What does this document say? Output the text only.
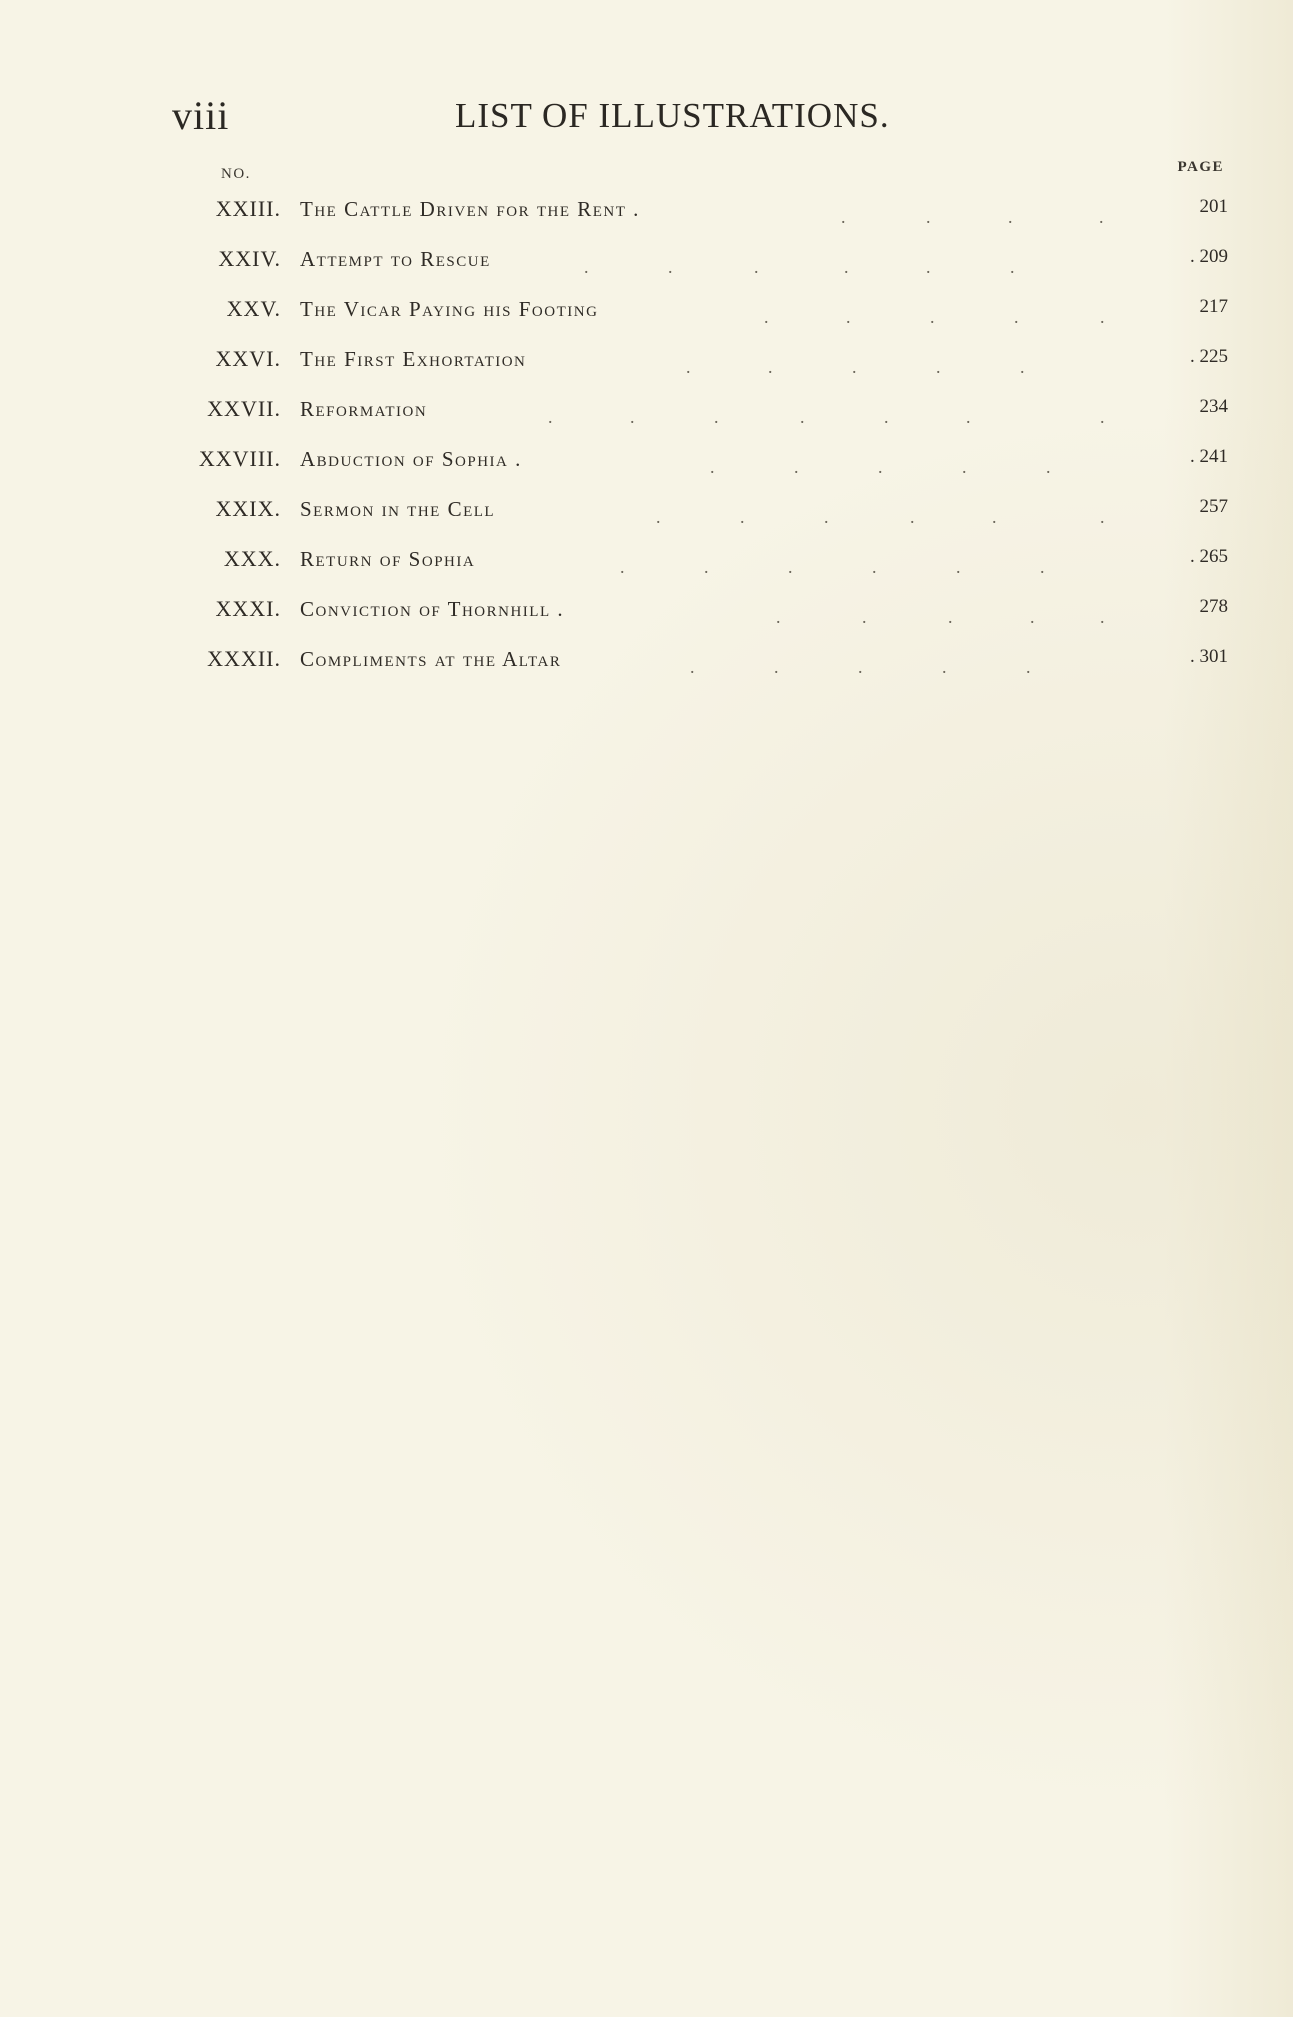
viii	LIST OF ILLUSTRATIONS.
NO.	PAGE
XXIII. The Cattle Driven for the Rent .	.	.	.	.	201
XXIV. Attempt to Rescue	.	.	.	.	.	.	. 209
XXV. The Vicar Paying his Footing	.	.	.	.	.	217
XXVI. The First Exhortation	.	.	.	.	.	. 225
XXVII. Reformation	.	.	.	.	.	.	.	234
XXVIII. Abduction of Sophia .	.	.	.	.	.	. 241
XXIX. Sermon in the Cell	.	.	.	.	.	.	257
XXX. Return of Sophia	.	.	.	.	.	.	. 265
XXXI. Conviction of Thornhill .	.	.	.	.	.	278
XXXII. Compliments at the Altar	.	.	.	.	.	. 301
